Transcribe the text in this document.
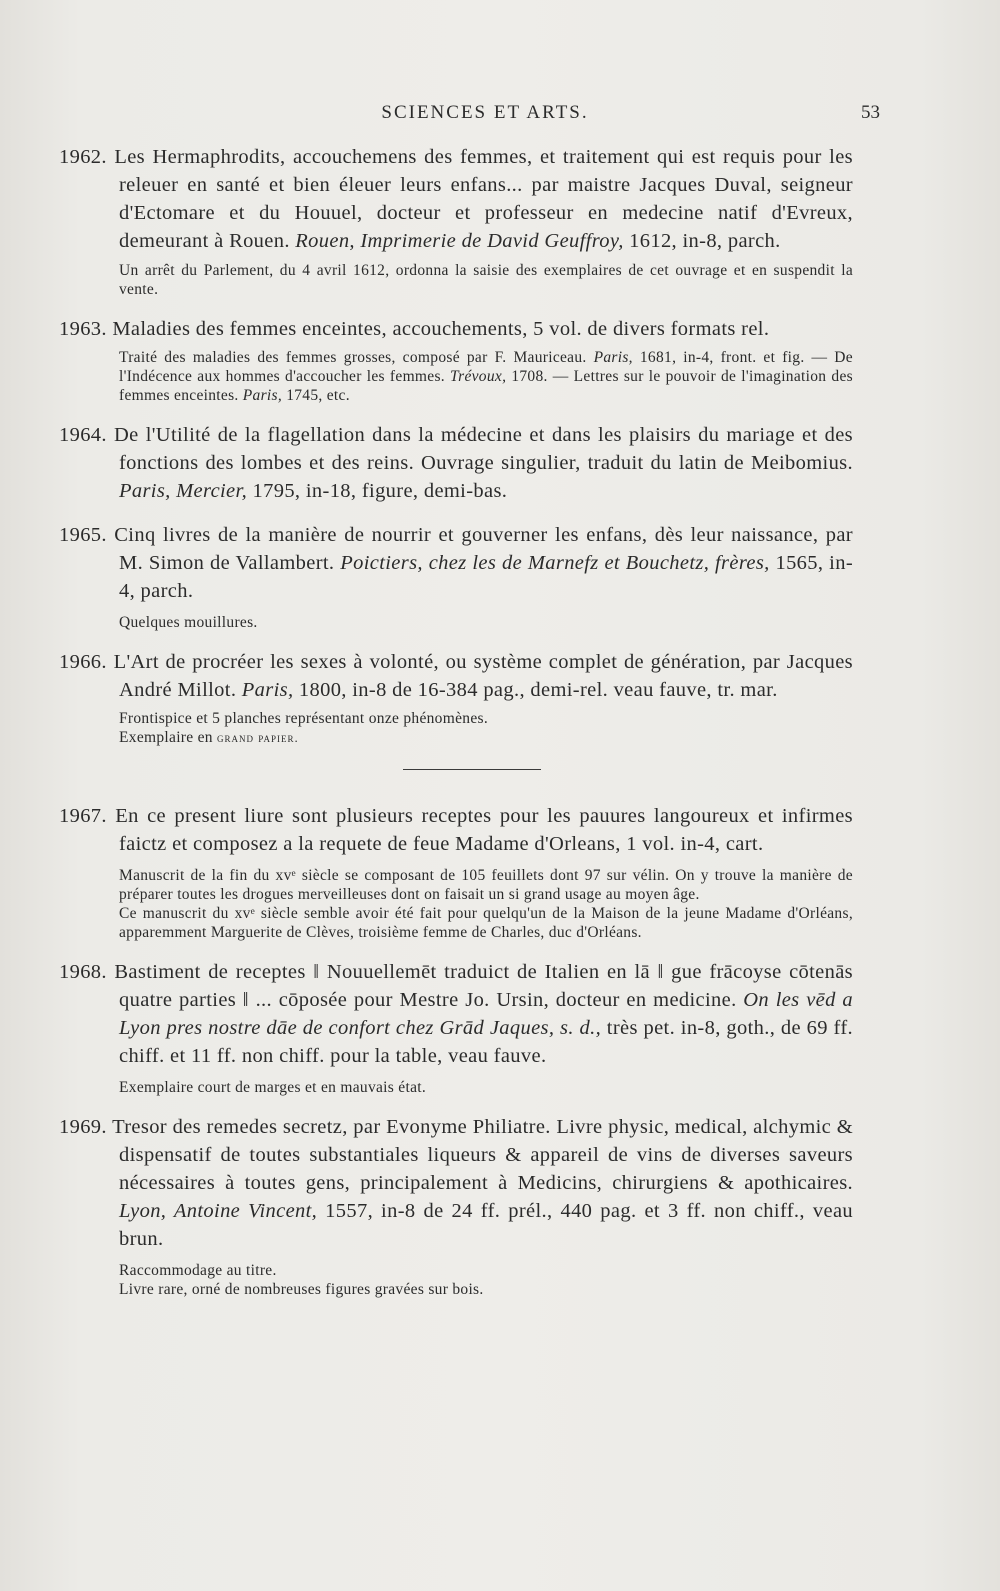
SCIENCES ET ARTS.	53

1962. Les Hermaphrodits, accouchemens des femmes, et traitement qui est requis pour les releuer en santé et bien éleuer leurs enfans... par maistre Jacques Duval, seigneur d'Ectomare et du Houuel, docteur et professeur en medecine natif d'Evreux, demeurant à Rouen. Rouen, Imprimerie de David Geuffroy, 1612, in-8, parch.

Un arrêt du Parlement, du 4 avril 1612, ordonna la saisie des exemplaires de cet ouvrage et en suspendit la vente.

1963. Maladies des femmes enceintes, accouchements, 5 vol. de divers formats rel.

Traité des maladies des femmes grosses, composé par F. Mauriceau. Paris, 1681, in-4, front. et fig. — De l'Indécence aux hommes d'accoucher les femmes. Trévoux, 1708. — Lettres sur le pouvoir de l'imagination des femmes enceintes. Paris, 1745, etc.

1964. De l'Utilité de la flagellation dans la médecine et dans les plaisirs du mariage et des fonctions des lombes et des reins. Ouvrage singulier, traduit du latin de Meibomius. Paris, Mercier, 1795, in-18, figure, demi-bas.

1965. Cinq livres de la manière de nourrir et gouverner les enfans, dès leur naissance, par M. Simon de Vallambert. Poictiers, chez les de Marnefz et Bouchetz, frères, 1565, in-4, parch.

Quelques mouillures.

1966. L'Art de procréer les sexes à volonté, ou système complet de génération, par Jacques André Millot. Paris, 1800, in-8 de 16-384 pag., demi-rel. veau fauve, tr. mar.

Frontispice et 5 planches représentant onze phénomènes.

Exemplaire en grand papier.

1967. En ce present liure sont plusieurs receptes pour les pauures langoureux et infirmes faictz et composez a la requete de feue Madame d'Orleans, 1 vol. in-4, cart.

Manuscrit de la fin du xvᵉ siècle se composant de 105 feuillets dont 97 sur vélin. On y trouve la manière de préparer toutes les drogues merveilleuses dont on faisait un si grand usage au moyen âge.

Ce manuscrit du xvᵉ siècle semble avoir été fait pour quelqu'un de la Maison de la jeune Madame d'Orléans, apparemment Marguerite de Clèves, troisième femme de Charles, duc d'Orléans.

1968. Bastiment de receptes ‖ Nouuellemēt traduict de Italien en lā ‖ gue frācoyse cōtenās quatre parties ‖ ... cōposée pour Mestre Jo. Ursin, docteur en medicine. On les vēd a Lyon pres nostre dāe de confort chez Grād Jaques, s. d., très pet. in-8, goth., de 69 ff. chiff. et 11 ff. non chiff. pour la table, veau fauve.

Exemplaire court de marges et en mauvais état.

1969. Tresor des remedes secretz, par Evonyme Philiatre. Livre physic, medical, alchymic & dispensatif de toutes substantiales liqueurs & appareil de vins de diverses saveurs nécessaires à toutes gens, principalement à Medicins, chirurgiens & apothicaires. Lyon, Antoine Vincent, 1557, in-8 de 24 ff. prél., 440 pag. et 3 ff. non chiff., veau brun.

Raccommodage au titre.

Livre rare, orné de nombreuses figures gravées sur bois.
